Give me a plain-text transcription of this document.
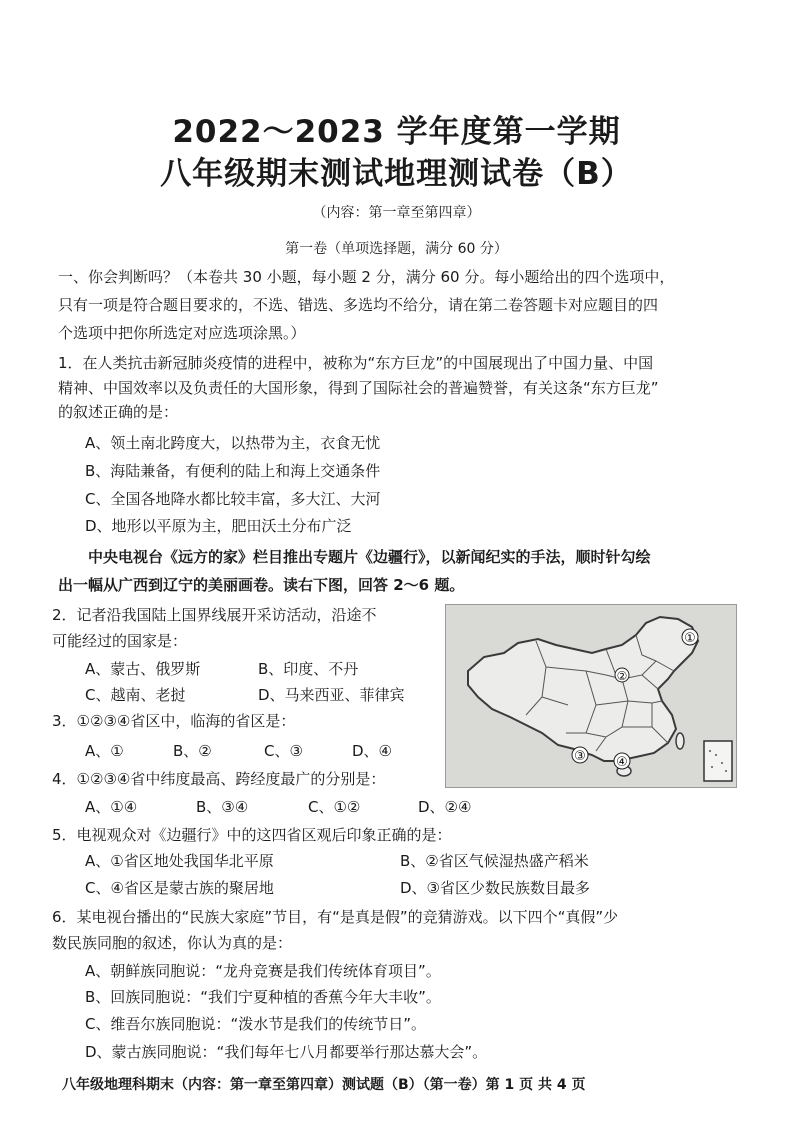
2022～2023 学年度第一学期
八年级期末测试地理测试卷（B）
（内容：第一章至第四章）
第一卷（单项选择题，满分 60 分）
一、你会判断吗？（本卷共 30 小题，每小题 2 分，满分 60 分。每小题给出的四个选项中，
只有一项是符合题目要求的，不选、错选、多选均不给分，请在第二卷答题卡对应题目的四
个选项中把你所选定对应选项涂黑。）
1．在人类抗击新冠肺炎疫情的进程中，被称为“东方巨龙”的中国展现出了中国力量、中国
精神、中国效率以及负责任的大国形象，得到了国际社会的普遍赞誉，有关这条“东方巨龙”
的叙述正确的是：
A、领土南北跨度大，以热带为主，衣食无忧
B、海陆兼备，有便利的陆上和海上交通条件
C、全国各地降水都比较丰富，多大江、大河
D、地形以平原为主，肥田沃土分布广泛
中央电视台《远方的家》栏目推出专题片《边疆行》，以新闻纪实的手法，顺时针勾绘
出一幅从广西到辽宁的美丽画卷。读右下图，回答 2～6 题。
2．记者沿我国陆上国界线展开采访活动，沿途不
可能经过的国家是：
A、蒙古、俄罗斯	B、印度、不丹
C、越南、老挝	D、马来西亚、菲律宾
3．①②③④省区中，临海的省区是：
A、①	B、②	C、③	D、④
4．①②③④省中纬度最高、跨经度最广的分别是：
A、①④	B、③④	C、①②	D、②④
5．电视观众对《边疆行》中的这四省区观后印象正确的是：
A、①省区地处我国华北平原	B、②省区气候湿热盛产稻米
C、④省区是蒙古族的聚居地	D、③省区少数民族数目最多
6．某电视台播出的“民族大家庭”节目，有“是真是假”的竞猜游戏。以下四个“真假”少
数民族同胞的叙述，你认为真的是：
A、朝鲜族同胞说：“龙舟竞赛是我们传统体育项目”。
B、回族同胞说：“我们宁夏种植的香蕉今年大丰收”。
C、维吾尔族同胞说：“泼水节是我们的传统节日”。
D、蒙古族同胞说：“我们每年七八月都要举行那达慕大会”。
八年级地理科期末（内容：第一章至第四章）测试题（B）（第一卷）第 1 页 共 4 页
①
②
③ ④
